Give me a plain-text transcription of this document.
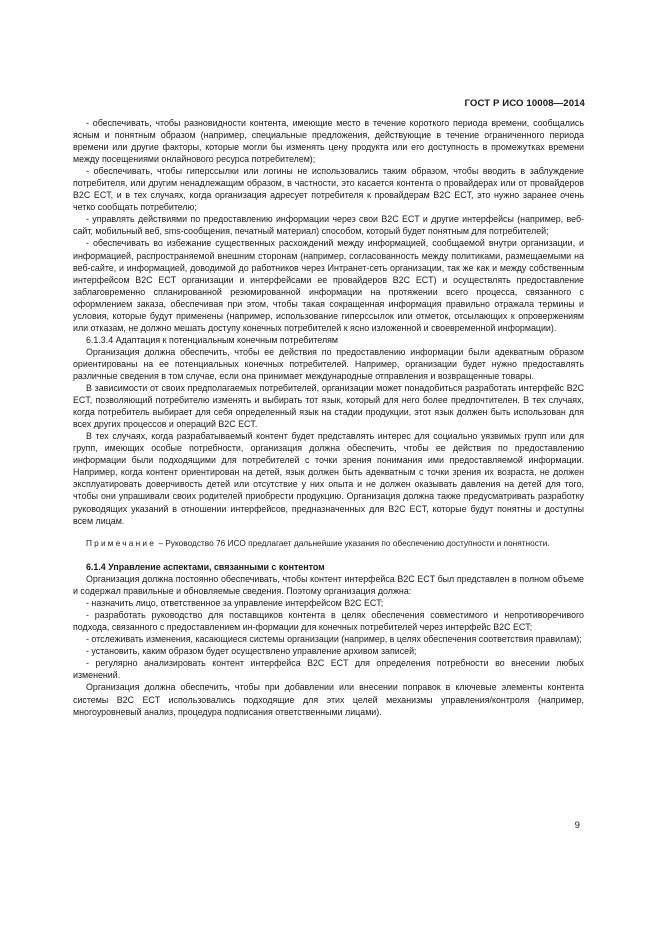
ГОСТ Р ИСО 10008—2014

- обеспечивать, чтобы разновидности контента, имеющие место в течение короткого периода времени, сообщались ясным и понятным образом (например, специальные предложения, действующие в течение ограниченного периода времени или другие факторы, которые могли бы изменять цену продукта или его доступность в промежутках времени между посещениями онлайнового ресурса потребителем);

- обеспечивать, чтобы гиперссылки или логины не использовались таким образом, чтобы вводить в заблуждение потребителя, или другим ненадлежащим образом, в частности, это касается контента о провайдерах или от провайдеров B2C ECT, и в тех случаях, когда организация адресует потребителя к провайдерам B2C ECT, это нужно заранее очень четко сообщать потребителю;

- управлять действиями по предоставлению информации через свои B2C ECT и другие интерфейсы (например, веб-сайт, мобильный веб, sms-сообщения, печатный материал) способом, который будет понятным для потребителей;

- обеспечивать во избежание существенных расхождений между информацией, сообщаемой внутри организации, и информацией, распространяемой внешним сторонам (например, согласованность между политиками, размещаемыми на веб-сайте, и информацией, доводимой до работников через Интранет-сеть организации, так же как и между собственным интерфейсом B2C ECT организации и интерфейсами ее провайдеров B2C ECT) и осуществлять предоставление заблаговременно спланированной резюмированной информации на протяжении всего процесса, связанного с оформлением заказа, обеспечивая при этом, чтобы такая сокращенная информация правильно отражала термины и условия, которые будут применены (например, использование гиперссылок или отметок, отсылающих к опровержениям или отказам, не должно мешать доступу конечных потребителей к ясно изложенной и своевременной информации).

6.1.3.4 Адаптация к потенциальным конечным потребителям

Организация должна обеспечить, чтобы ее действия по предоставлению информации были адекватным образом ориентированы на ее потенциальных конечных потребителей. Например, организации будет нужно предоставлять различные сведения в том случае, если она принимает международные отправления и возвращенные товары.

В зависимости от своих предполагаемых потребителей, организации может понадобиться разработать интерфейс B2C ECT, позволяющий потребителю изменять и выбирать тот язык, который для него более предпочтителен. В тех случаях, когда потребитель выбирает для себя определенный язык на стадии продукции, этот язык должен быть использован для всех других процессов и операций B2C ECT.

В тех случаях, когда разрабатываемый контент будет представлять интерес для социально уязвимых групп или для групп, имеющих особые потребности, организация должна обеспечить, чтобы ее действия по предоставлению информации были подходящими для потребителей с точки зрения понимания ими предоставляемой информации. Например, когда контент ориентирован на детей, язык должен быть адекватным с точки зрения их возраста, не должен эксплуатировать доверчивость детей или отсутствие у них опыта и не должен оказывать давления на детей для того, чтобы они упрашивали своих родителей приобрести продукцию. Организация должна также предусматривать разработку руководящих указаний в отношении интерфейсов, предназначенных для B2C ECT, которые будут понятны и доступны всем лицам.

Примечание – Руководство 76 ИСО предлагает дальнейшие указания по обеспечению доступности и понятности.

6.1.4 Управление аспектами, связанными с контентом

Организация должна постоянно обеспечивать, чтобы контент интерфейса B2C ECT был представлен в полном объеме и содержал правильные и обновляемые сведения. Поэтому организация должна:

- назначить лицо, ответственное за управление интерфейсом B2C ECT;

- разработать руководство для поставщиков контента в целях обеспечения совместимого и непротиворечивого подхода, связанного с предоставлением ин-формации для конечных потребителей через интерфейс B2C ECT;

- отслеживать изменения, касающиеся системы организации (например, в целях обеспечения соответствия правилам);

- установить, каким образом будет осуществлено управление архивом записей;

- регулярно анализировать контент интерфейса B2C ECT для определения потребности во внесении любых изменений.

Организация должна обеспечить, чтобы при добавлении или внесении поправок в ключевые элементы контента системы B2C ECT использовались подходящие для этих целей механизмы управления/контроля (например, многоуровневый анализ, процедура подписания ответственными лицами).

9
